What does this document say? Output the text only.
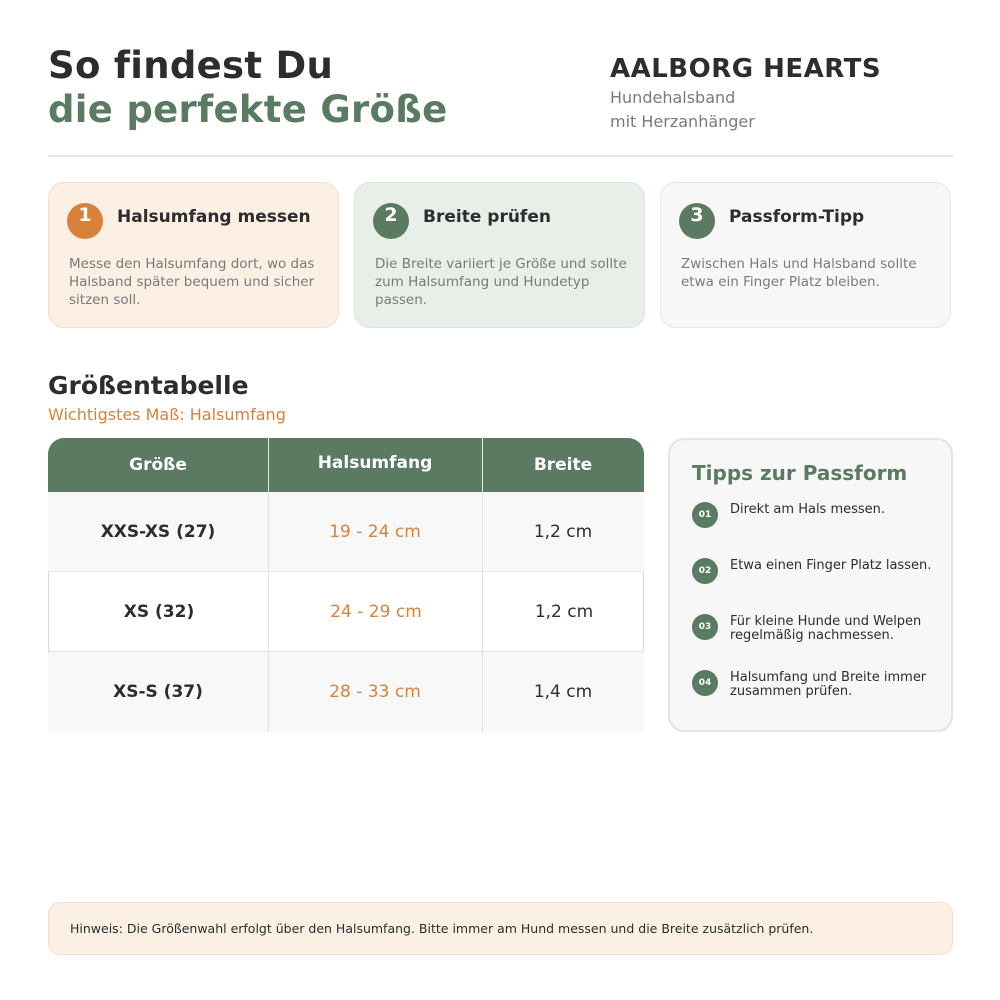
So findest Du
die perfekte Größe
AALBORG HEARTS
Hundehalsband
mit Herzanhänger
1	Halsumfang messen
Messe den Halsumfang dort, wo das Halsband später bequem und sicher sitzen soll.
2	Breite prüfen
Die Breite variiert je Größe und sollte zum Halsumfang und Hundetyp passen.
3	Passform-Tipp
Zwischen Hals und Halsband sollte etwa ein Finger Platz bleiben.
Größentabelle
Wichtigstes Maß: Halsumfang
Größe	Halsumfang	Breite
XXS-XS (27)	19 - 24 cm	1,2 cm
XS (32)	24 - 29 cm	1,2 cm
XS-S (37)	28 - 33 cm	1,4 cm
Tipps zur Passform
01	Direkt am Hals messen.
02	Etwa einen Finger Platz lassen.
03	Für kleine Hunde und Welpen regelmäßig nachmessen.
04	Halsumfang und Breite immer zusammen prüfen.
Hinweis: Die Größenwahl erfolgt über den Halsumfang. Bitte immer am Hund messen und die Breite zusätzlich prüfen.
